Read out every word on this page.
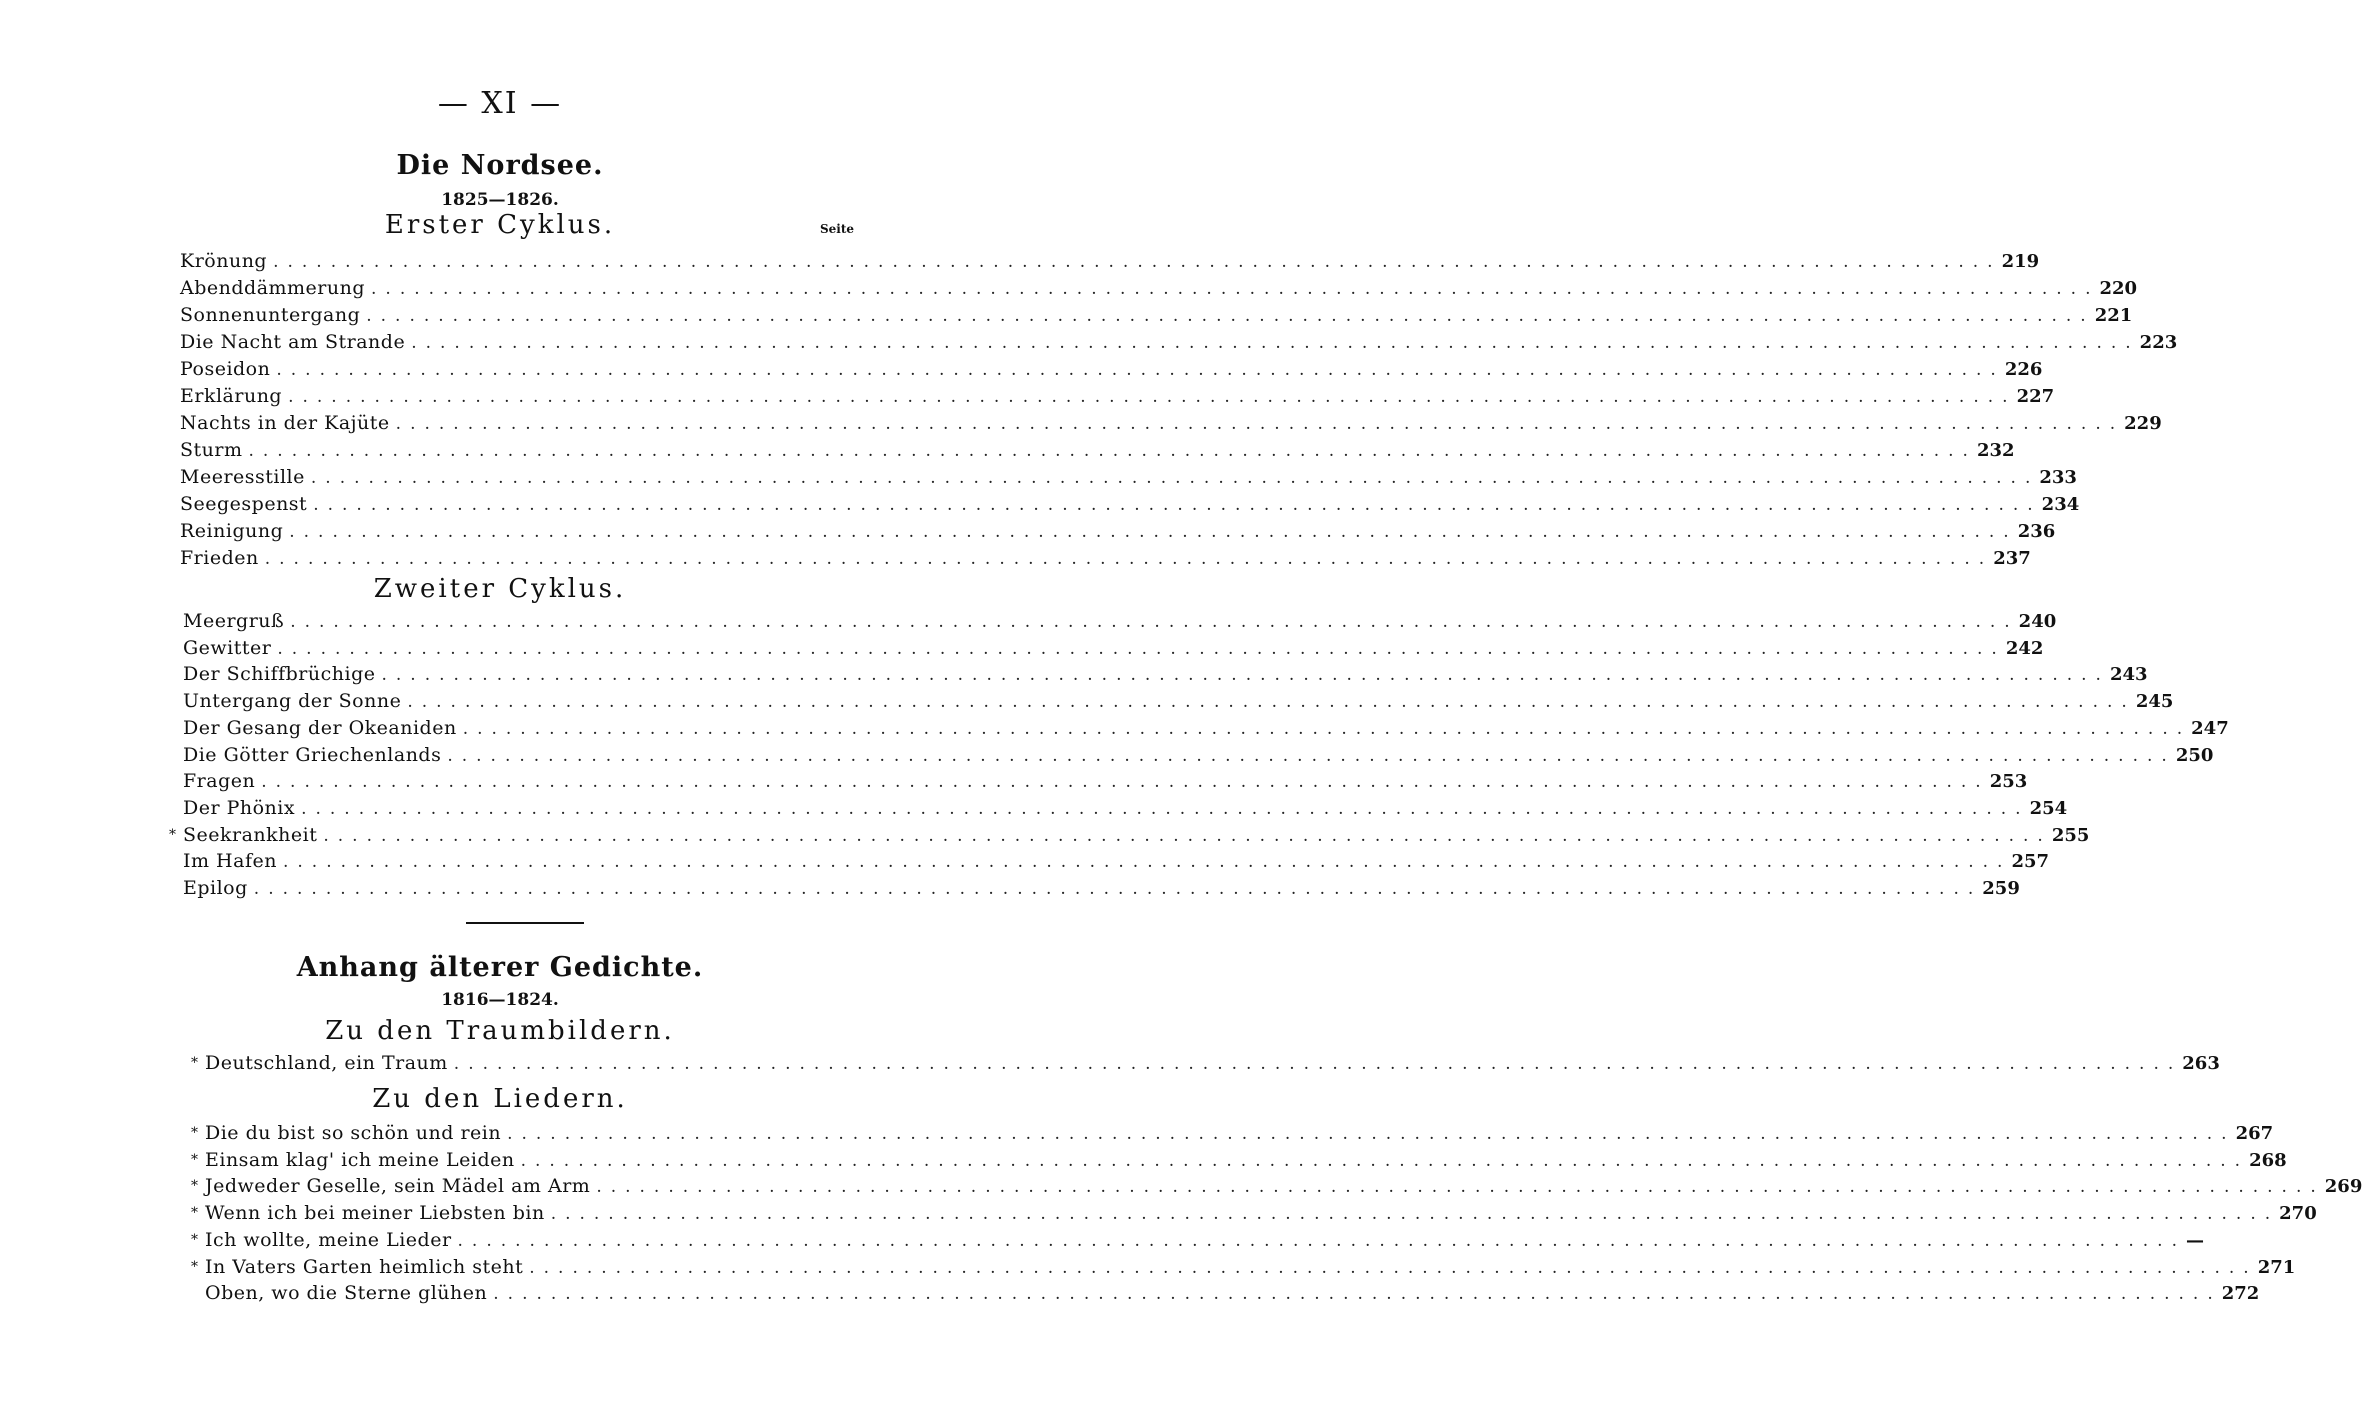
— XI —
Die Nordsee.
1825—1826.
Erster Cyklus.	Seite
Krönung ........................................................................................................................ 219
Abenddämmerung ........................................................................................................................ 220
Sonnenuntergang ........................................................................................................................ 221
Die Nacht am Strande ........................................................................................................................ 223
Poseidon ........................................................................................................................ 226
Erklärung ........................................................................................................................ 227
Nachts in der Kajüte ........................................................................................................................ 229
Sturm ........................................................................................................................ 232
Meeresstille ........................................................................................................................ 233
Seegespenst ........................................................................................................................ 234
Reinigung ........................................................................................................................ 236
Frieden ........................................................................................................................ 237
Zweiter Cyklus.
Meergruß ........................................................................................................................ 240
Gewitter ........................................................................................................................ 242
Der Schiffbrüchige ........................................................................................................................ 243
Untergang der Sonne ........................................................................................................................ 245
Der Gesang der Okeaniden ........................................................................................................................ 247
Die Götter Griechenlands ........................................................................................................................ 250
Fragen ........................................................................................................................ 253
Der Phönix ........................................................................................................................ 254
* Seekrankheit ........................................................................................................................ 255
Im Hafen ........................................................................................................................ 257
Epilog ........................................................................................................................ 259
Anhang älterer Gedichte.
1816—1824.
Zu den Traumbildern.
* Deutschland, ein Traum ........................................................................................................................ 263
Zu den Liedern.
* Die du bist so schön und rein ........................................................................................................................ 267
* Einsam klag' ich meine Leiden ........................................................................................................................ 268
* Jedweder Geselle, sein Mädel am Arm ........................................................................................................................ 269
* Wenn ich bei meiner Liebsten bin ........................................................................................................................ 270
* Ich wollte, meine Lieder ........................................................................................................................ —
* In Vaters Garten heimlich steht ........................................................................................................................ 271
Oben, wo die Sterne glühen ........................................................................................................................ 272
